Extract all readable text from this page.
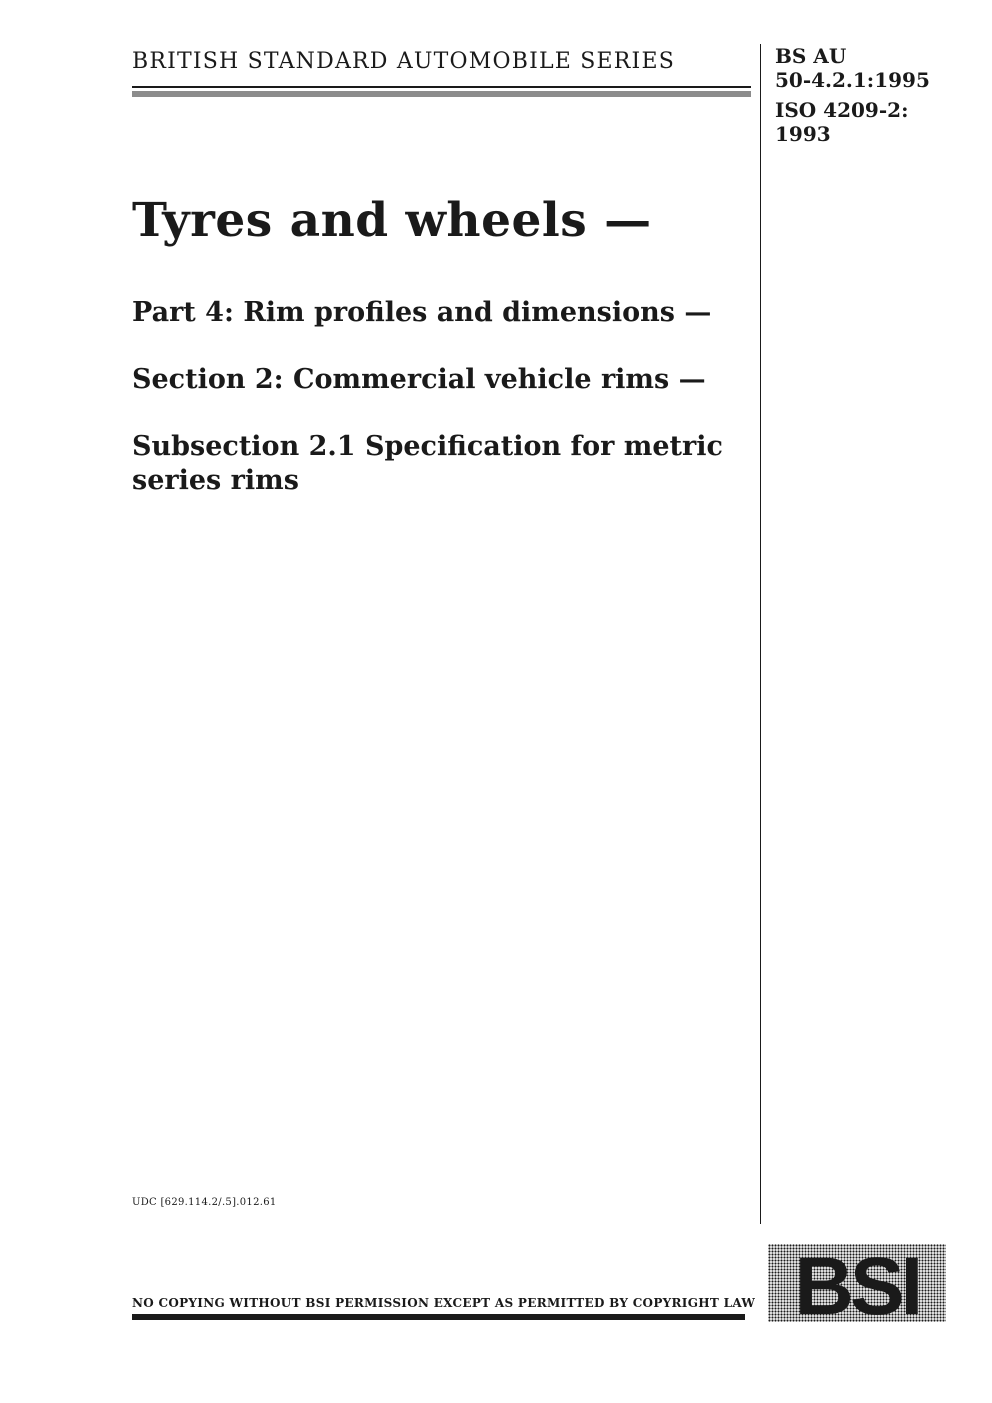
BRITISH STANDARD AUTOMOBILE SERIES	BS AU
50-4.2.1:1995
ISO 4209-2:
1993
Tyres and wheels —
Part 4: Rim profiles and dimensions —
Section 2: Commercial vehicle rims —
Subsection 2.1 Specification for metric series rims
UDC [629.114.2/.5].012.61
NO COPYING WITHOUT BSI PERMISSION EXCEPT AS PERMITTED BY COPYRIGHT LAW BSI
